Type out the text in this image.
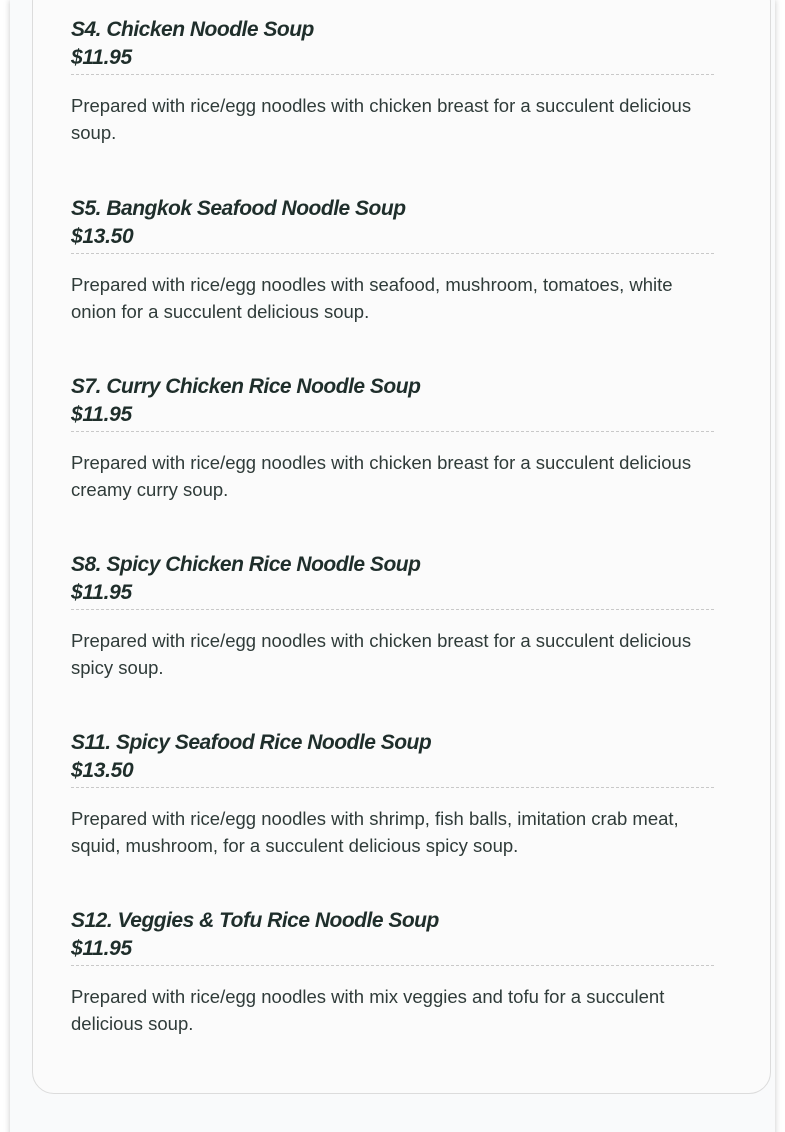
S4. Chicken Noodle Soup
$11.95
Prepared with rice/egg noodles with chicken breast for a succulent delicious soup.
S5. Bangkok Seafood Noodle Soup
$13.50
Prepared with rice/egg noodles with seafood, mushroom, tomatoes, white onion for a succulent delicious soup.
S7. Curry Chicken Rice Noodle Soup
$11.95
Prepared with rice/egg noodles with chicken breast for a succulent delicious creamy curry soup.
S8. Spicy Chicken Rice Noodle Soup
$11.95
Prepared with rice/egg noodles with chicken breast for a succulent delicious spicy soup.
S11. Spicy Seafood Rice Noodle Soup
$13.50
Prepared with rice/egg noodles with shrimp, fish balls, imitation crab meat, squid, mushroom, for a succulent delicious spicy soup.
S12. Veggies & Tofu Rice Noodle Soup
$11.95
Prepared with rice/egg noodles with mix veggies and tofu for a succulent delicious soup.
